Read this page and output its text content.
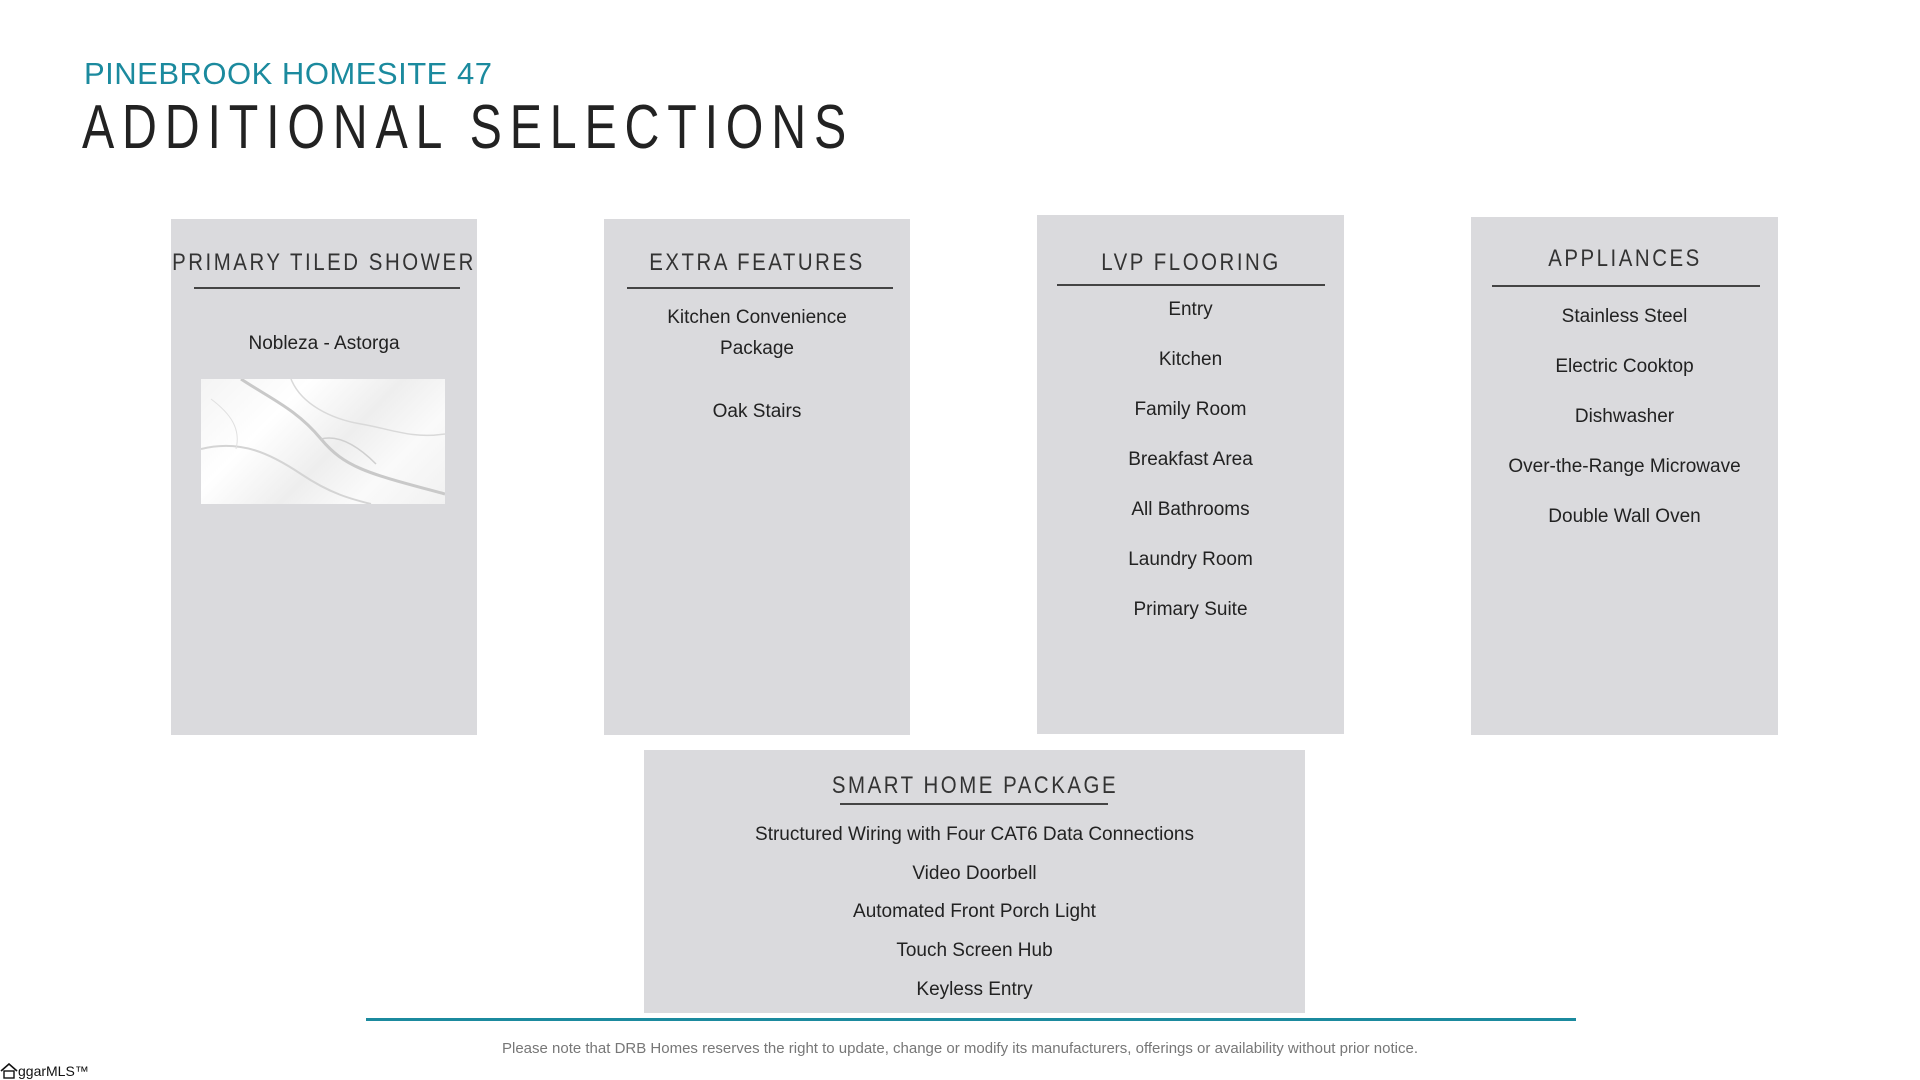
PINEBROOK HOMESITE 47
ADDITIONAL SELECTIONS
PRIMARY TILED SHOWER
Nobleza - Astorga
EXTRA FEATURES
Kitchen Convenience
Package
Oak Stairs
LVP FLOORING
Entry
Kitchen
Family Room
Breakfast Area
All Bathrooms
Laundry Room
Primary Suite
APPLIANCES
Stainless Steel
Electric Cooktop
Dishwasher
Over-the-Range Microwave
Double Wall Oven
SMART HOME PACKAGE
Structured Wiring with Four CAT6 Data Connections
Video Doorbell
Automated Front Porch Light
Touch Screen Hub
Keyless Entry
Please note that DRB Homes reserves the right to update, change or modify its manufacturers, offerings or availability without prior notice.
ggarMLS™
